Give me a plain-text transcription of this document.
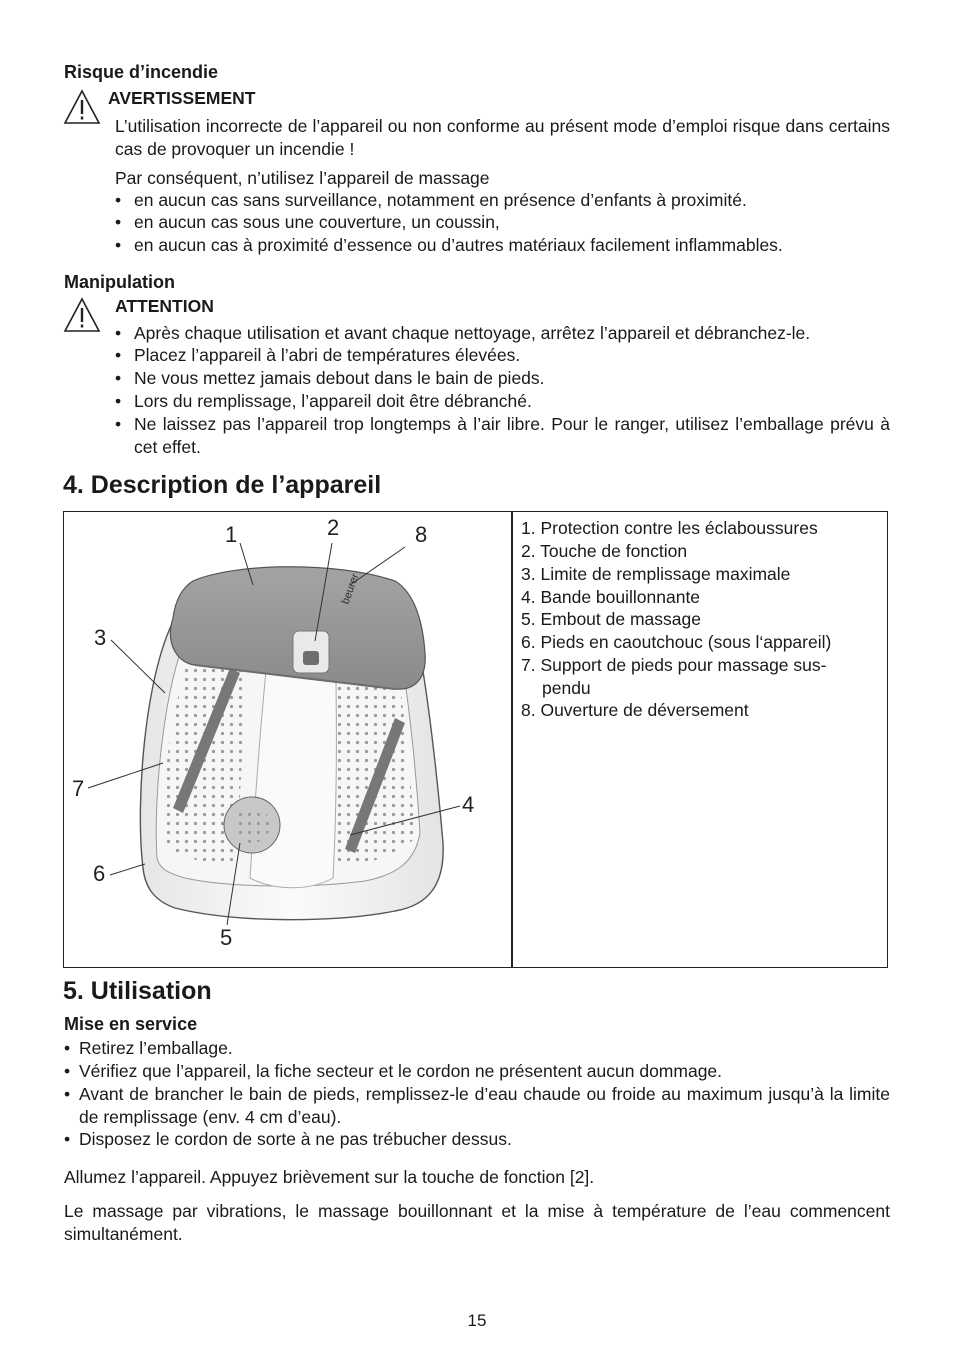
Risque d’incendie
AVERTISSEMENT
L’utilisation incorrecte de l’appareil ou non conforme au présent mode d’emploi risque dans certains cas de provoquer un incendie !
Par conséquent, n’utilisez l’appareil de massage
• en aucun cas sans surveillance, notamment en présence d’enfants à proximité.
• en aucun cas sous une couverture, un coussin,
• en aucun cas à proximité d’essence ou d’autres matériaux facilement inflammables.
Manipulation
ATTENTION
• Après chaque utilisation et avant chaque nettoyage, arrêtez l’appareil et débranchez-le.
• Placez l’appareil à l’abri de températures élevées.
• Ne vous mettez jamais debout dans le bain de pieds.
• Lors du remplissage, l’appareil doit être débranché.
• Ne laissez pas l’appareil trop longtemps à l’air libre. Pour le ranger, utilisez l’emballage prévu à cet effet.
4. Description de l’appareil
beurer
1	2	8
3
7
4
6
5
1. Protection contre les éclaboussures
2. Touche de fonction
3. Limite de remplissage maximale
4. Bande bouillonnante
5. Embout de massage
6. Pieds en caoutchouc (sous l‘appareil)
7. Support de pieds pour massage sus-
pendu
8. Ouverture de déversement
5. Utilisation
Mise en service
• Retirez l’emballage.
• Vérifiez que l’appareil, la fiche secteur et le cordon ne présentent aucun dommage.
• Avant de brancher le bain de pieds, remplissez-le d’eau chaude ou froide au maximum jusqu’à la limite de remplissage (env. 4 cm d’eau).
• Disposez le cordon de sorte à ne pas trébucher dessus.
Allumez l’appareil. Appuyez brièvement sur la touche de fonction [2].
Le massage par vibrations, le massage bouillonnant et la mise à température de l’eau commencent simultanément.
15
